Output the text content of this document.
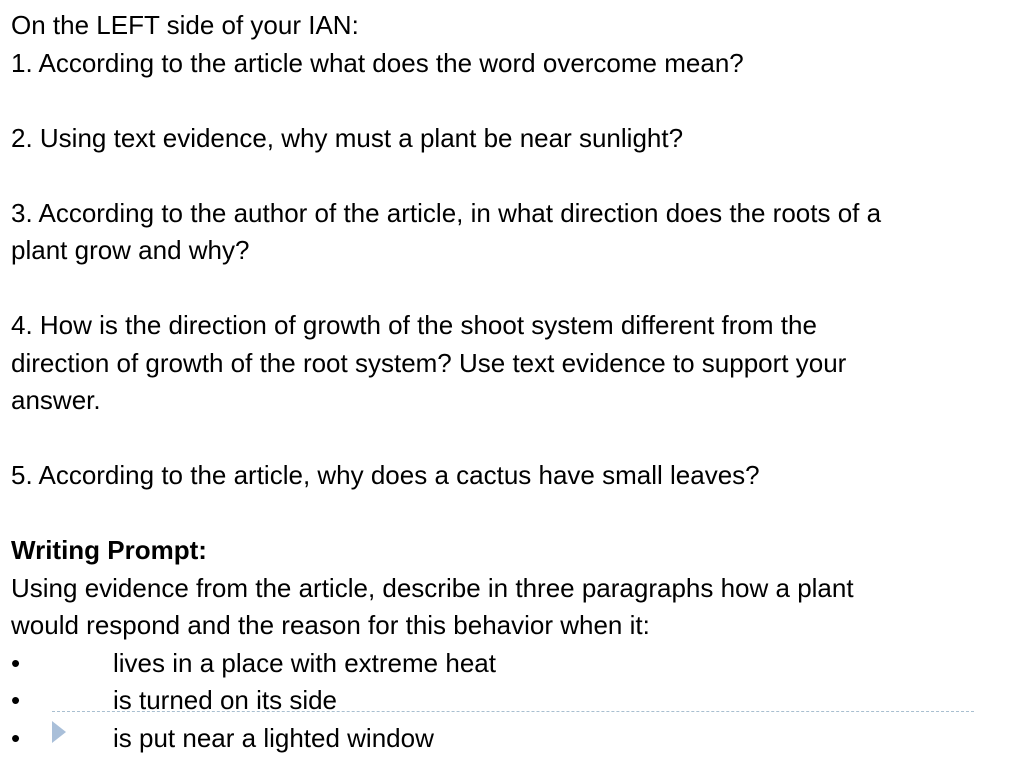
On the LEFT side of your IAN:
1. According to the article what does the word overcome mean?
2. Using text evidence, why must a plant be near sunlight?
3. According to the author of the article, in what direction does the roots of a
plant grow and why?
4. How is the direction of growth of the shoot system different from the
direction of growth of the root system? Use text evidence to support your
answer.
5. According to the article, why does a cactus have small leaves?
Writing Prompt:
Using evidence from the article, describe in three paragraphs how a plant
would respond and the reason for this behavior when it:
•	lives in a place with extreme heat
•	is turned on its side
•	is put near a lighted window
